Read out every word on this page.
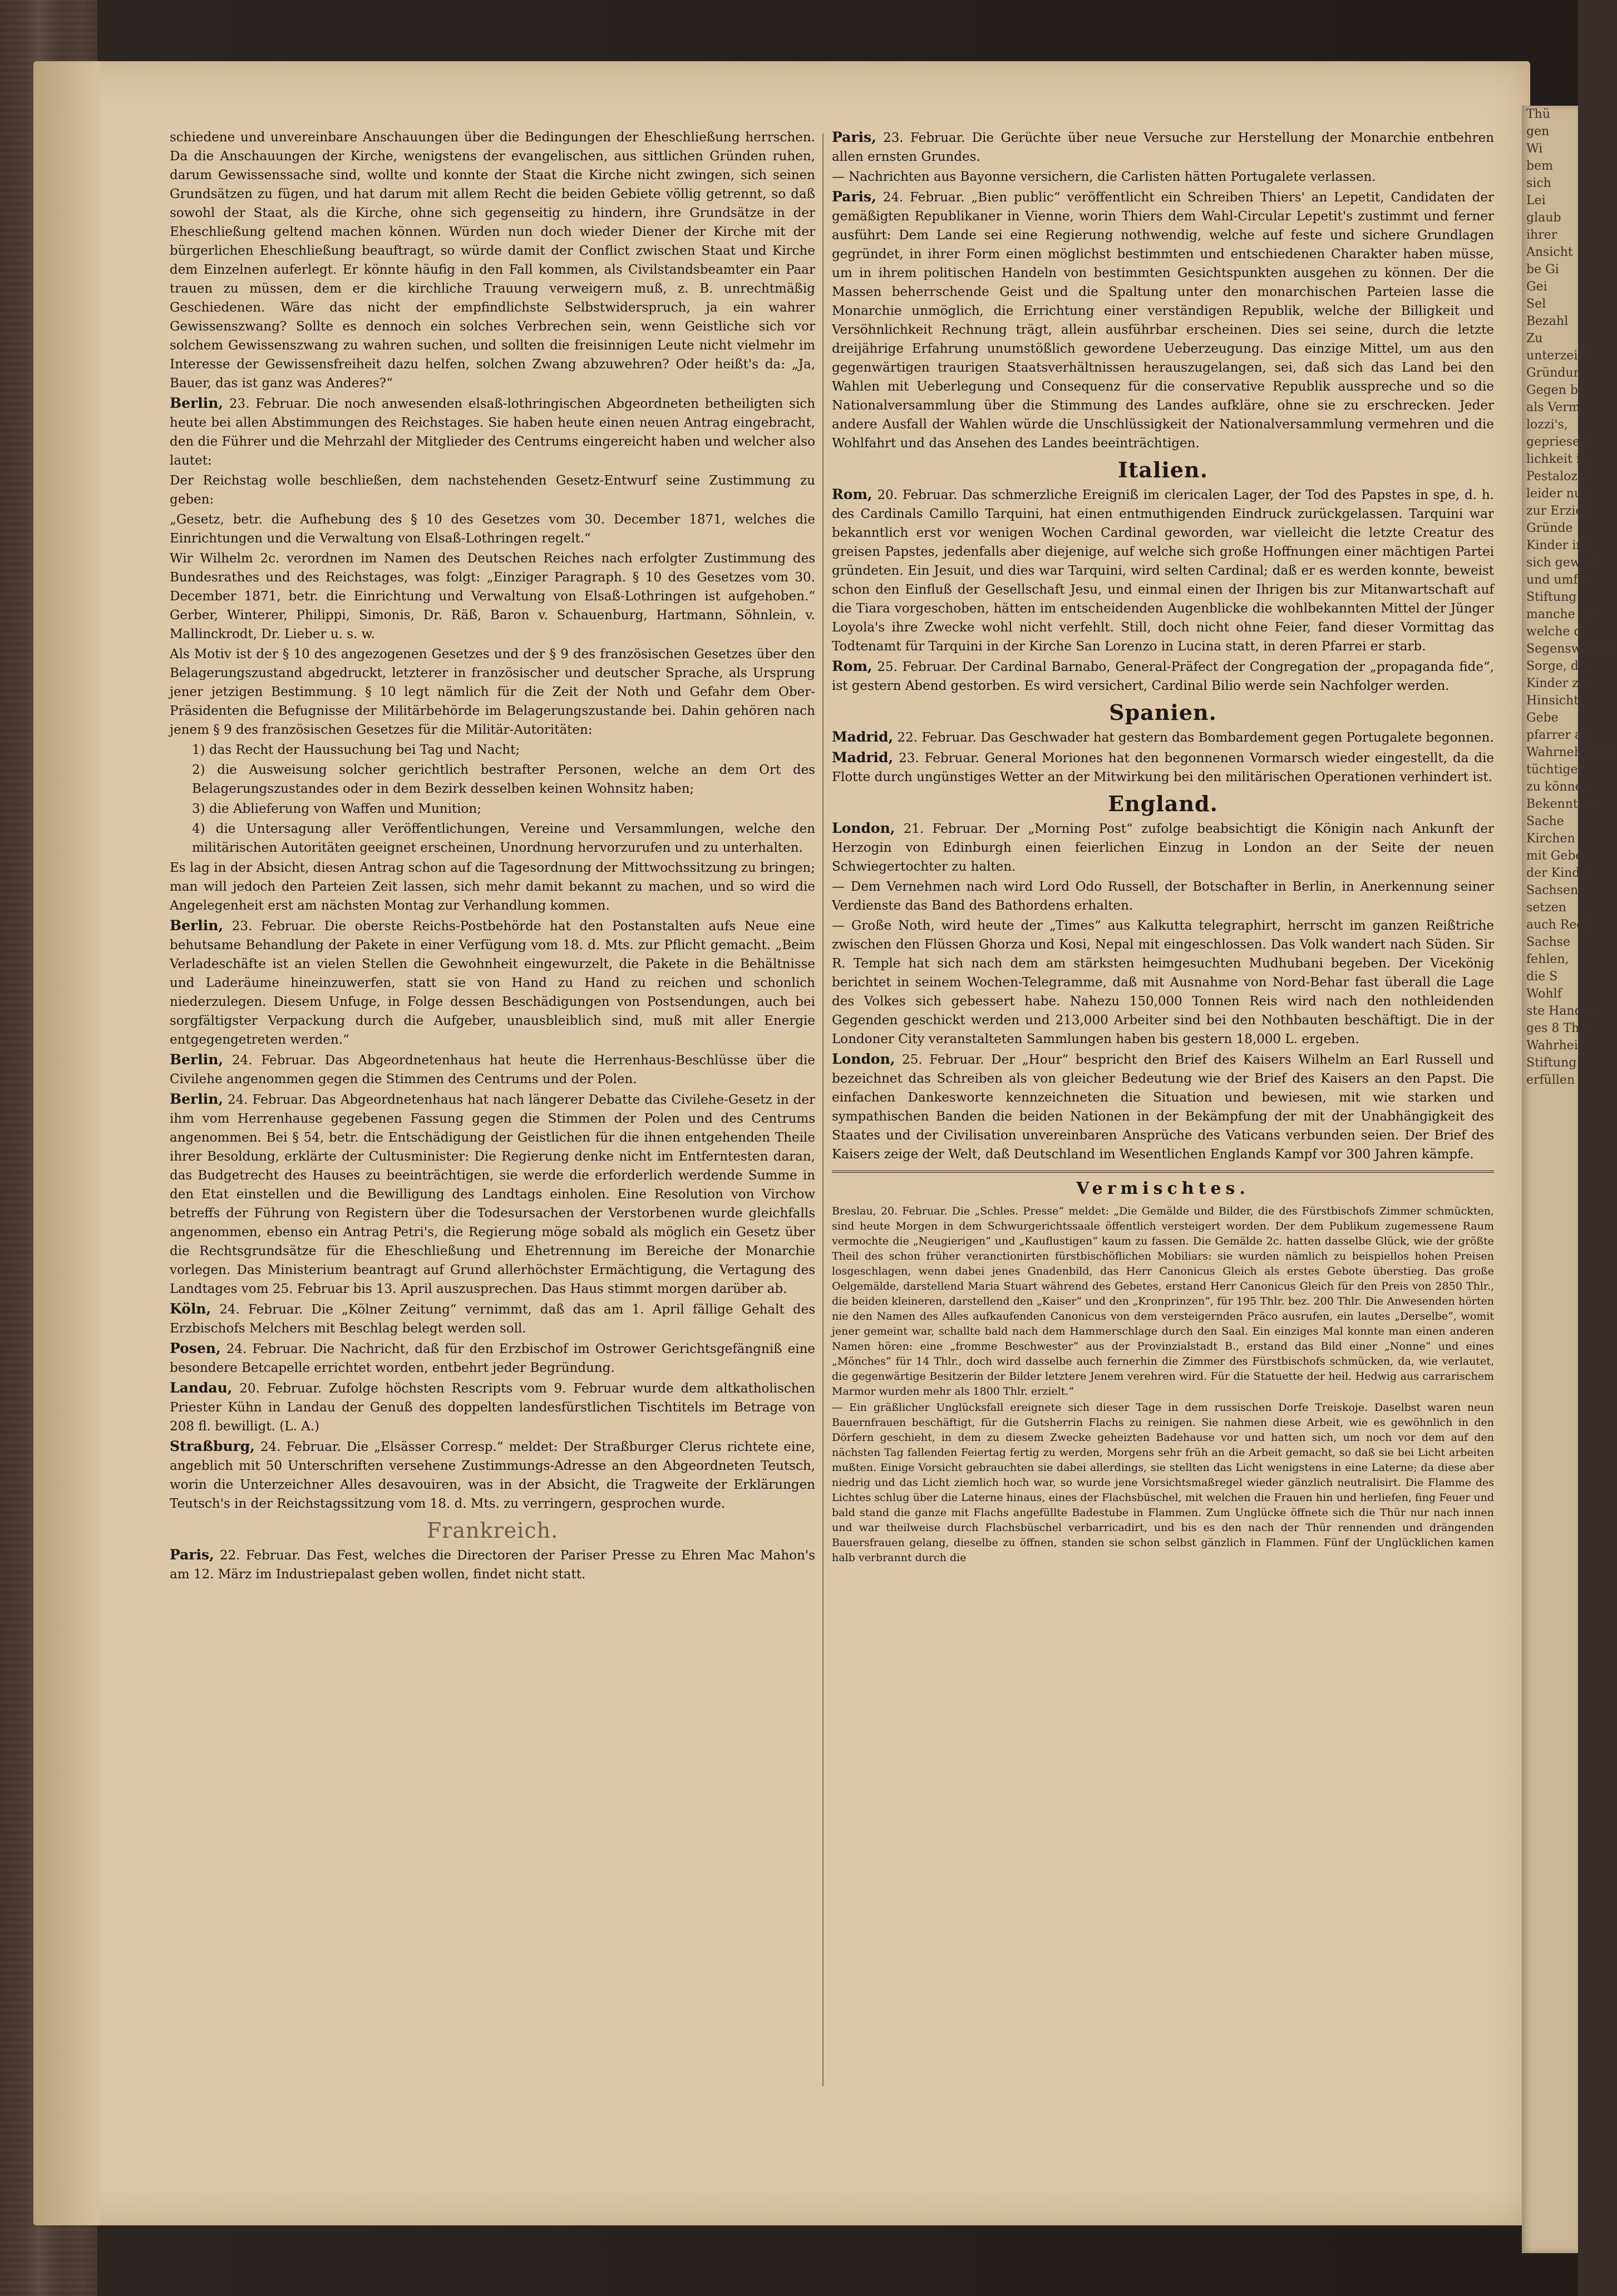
schiedene und unvereinbare Anschauungen über die Bedingungen der Eheschließung herrschen. Da die Anschauungen der Kirche, wenigstens der evangelischen, aus sittlichen Gründen ruhen, darum Gewissenssache sind, wollte und konnte der Staat die Kirche nicht zwingen, sich seinen Grundsätzen zu fügen, und hat darum mit allem Recht die beiden Gebiete völlig getrennt, so daß sowohl der Staat, als die Kirche, ohne sich gegenseitig zu hindern, ihre Grundsätze in der Eheschließung geltend machen können. Würden nun doch wieder Diener der Kirche mit der bürgerlichen Eheschließung beauftragt, so würde damit der Conflict zwischen Staat und Kirche dem Einzelnen auferlegt. Er könnte häufig in den Fall kommen, als Civilstandsbeamter ein Paar trauen zu müssen, dem er die kirchliche Trauung verweigern muß, z. B. unrechtmäßig Geschiedenen. Wäre das nicht der empfindlichste Selbstwiderspruch, ja ein wahrer Gewissenszwang? Sollte es dennoch ein solches Verbrechen sein, wenn Geistliche sich vor solchem Gewissenszwang zu wahren suchen, und sollten die freisinnigen Leute nicht vielmehr im Interesse der Gewissensfreiheit dazu helfen, solchen Zwang abzuwehren? Oder heißt's da: „Ja, Bauer, das ist ganz was Anderes?“

Berlin, 23. Februar. Die noch anwesenden elsaß-lothringischen Abgeordneten betheiligten sich heute bei allen Abstimmungen des Reichstages. Sie haben heute einen neuen Antrag eingebracht, den die Führer und die Mehrzahl der Mitglieder des Centrums eingereicht haben und welcher also lautet:

Der Reichstag wolle beschließen, dem nachstehenden Gesetz-Entwurf seine Zustimmung zu geben:

„Gesetz, betr. die Aufhebung des § 10 des Gesetzes vom 30. December 1871, welches die Einrichtungen und die Verwaltung von Elsaß-Lothringen regelt.“

Wir Wilhelm 2c. verordnen im Namen des Deutschen Reiches nach erfolgter Zustimmung des Bundesrathes und des Reichstages, was folgt: „Einziger Paragraph. § 10 des Gesetzes vom 30. December 1871, betr. die Einrichtung und Verwaltung von Elsaß-Lothringen ist aufgehoben.“ Gerber, Winterer, Philippi, Simonis, Dr. Räß, Baron v. Schauenburg, Hartmann, Söhnlein, v. Mallinckrodt, Dr. Lieber u. s. w.

Als Motiv ist der § 10 des angezogenen Gesetzes und der § 9 des französischen Gesetzes über den Belagerungszustand abgedruckt, letzterer in französischer und deutscher Sprache, als Ursprung jener jetzigen Bestimmung. § 10 legt nämlich für die Zeit der Noth und Gefahr dem Ober-Präsidenten die Befugnisse der Militärbehörde im Belagerungszustande bei. Dahin gehören nach jenem § 9 des französischen Gesetzes für die Militär-Autoritäten:

1) das Recht der Haussuchung bei Tag und Nacht;

2) die Ausweisung solcher gerichtlich bestrafter Personen, welche an dem Ort des Belagerungszustandes oder in dem Bezirk desselben keinen Wohnsitz haben;

3) die Ablieferung von Waffen und Munition;

4) die Untersagung aller Veröffentlichungen, Vereine und Versammlungen, welche den militärischen Autoritäten geeignet erscheinen, Unordnung hervorzurufen und zu unterhalten.

Es lag in der Absicht, diesen Antrag schon auf die Tagesordnung der Mittwochssitzung zu bringen; man will jedoch den Parteien Zeit lassen, sich mehr damit bekannt zu machen, und so wird die Angelegenheit erst am nächsten Montag zur Verhandlung kommen.

Berlin, 23. Februar. Die oberste Reichs-Postbehörde hat den Postanstalten aufs Neue eine behutsame Behandlung der Pakete in einer Verfügung vom 18. d. Mts. zur Pflicht gemacht. „Beim Verladeschäfte ist an vielen Stellen die Gewohnheit eingewurzelt, die Pakete in die Behältnisse und Laderäume hineinzuwerfen, statt sie von Hand zu Hand zu reichen und schonlich niederzulegen. Diesem Unfuge, in Folge dessen Beschädigungen von Postsendungen, auch bei sorgfältigster Verpackung durch die Aufgeber, unausbleiblich sind, muß mit aller Energie entgegengetreten werden.“

Berlin, 24. Februar. Das Abgeordnetenhaus hat heute die Herrenhaus-Beschlüsse über die Civilehe angenommen gegen die Stimmen des Centrums und der Polen.

Berlin, 24. Februar. Das Abgeordnetenhaus hat nach längerer Debatte das Civilehe-Gesetz in der ihm vom Herrenhause gegebenen Fassung gegen die Stimmen der Polen und des Centrums angenommen. Bei § 54, betr. die Entschädigung der Geistlichen für die ihnen entgehenden Theile ihrer Besoldung, erklärte der Cultusminister: Die Regierung denke nicht im Entferntesten daran, das Budgetrecht des Hauses zu beeinträchtigen, sie werde die erforderlich werdende Summe in den Etat einstellen und die Bewilligung des Landtags einholen. Eine Resolution von Virchow betreffs der Führung von Registern über die Todesursachen der Verstorbenen wurde gleichfalls angenommen, ebenso ein Antrag Petri's, die Regierung möge sobald als möglich ein Gesetz über die Rechtsgrundsätze für die Eheschließung und Ehetrennung im Bereiche der Monarchie vorlegen. Das Ministerium beantragt auf Grund allerhöchster Ermächtigung, die Vertagung des Landtages vom 25. Februar bis 13. April auszusprechen. Das Haus stimmt morgen darüber ab.

Köln, 24. Februar. Die „Kölner Zeitung“ vernimmt, daß das am 1. April fällige Gehalt des Erzbischofs Melchers mit Beschlag belegt werden soll.

Posen, 24. Februar. Die Nachricht, daß für den Erzbischof im Ostrower Gerichtsgefängniß eine besondere Betcapelle errichtet worden, entbehrt jeder Begründung.

Landau, 20. Februar. Zufolge höchsten Rescripts vom 9. Februar wurde dem altkatholischen Priester Kühn in Landau der Genuß des doppelten landesfürstlichen Tischtitels im Betrage von 208 fl. bewilligt. (L. A.)

Straßburg, 24. Februar. Die „Elsässer Corresp.“ meldet: Der Straßburger Clerus richtete eine, angeblich mit 50 Unterschriften versehene Zustimmungs-Adresse an den Abgeordneten Teutsch, worin die Unterzeichner Alles desavouiren, was in der Absicht, die Tragweite der Erklärungen Teutsch's in der Reichstagssitzung vom 18. d. Mts. zu verringern, gesprochen wurde.

Frankreich.

Paris, 22. Februar. Das Fest, welches die Directoren der Pariser Presse zu Ehren Mac Mahon's am 12. März im Industriepalast geben wollen, findet nicht statt.

Paris, 23. Februar. Die Gerüchte über neue Versuche zur Herstellung der Monarchie entbehren allen ernsten Grundes.

— Nachrichten aus Bayonne versichern, die Carlisten hätten Portugalete verlassen.

Paris, 24. Februar. „Bien public“ veröffentlicht ein Schreiben Thiers' an Lepetit, Candidaten der gemäßigten Republikaner in Vienne, worin Thiers dem Wahl-Circular Lepetit's zustimmt und ferner ausführt: Dem Lande sei eine Regierung nothwendig, welche auf feste und sichere Grundlagen gegründet, in ihrer Form einen möglichst bestimmten und entschiedenen Charakter haben müsse, um in ihrem politischen Handeln von bestimmten Gesichtspunkten ausgehen zu können. Der die Massen beherrschende Geist und die Spaltung unter den monarchischen Parteien lasse die Monarchie unmöglich, die Errichtung einer verständigen Republik, welche der Billigkeit und Versöhnlichkeit Rechnung trägt, allein ausführbar erscheinen. Dies sei seine, durch die letzte dreijährige Erfahrung unumstößlich gewordene Ueberzeugung. Das einzige Mittel, um aus den gegenwärtigen traurigen Staatsverhältnissen herauszugelangen, sei, daß sich das Land bei den Wahlen mit Ueberlegung und Consequenz für die conservative Republik ausspreche und so die Nationalversammlung über die Stimmung des Landes aufkläre, ohne sie zu erschrecken. Jeder andere Ausfall der Wahlen würde die Unschlüssigkeit der Nationalversammlung vermehren und die Wohlfahrt und das Ansehen des Landes beeinträchtigen.

Italien.

Rom, 20. Februar. Das schmerzliche Ereigniß im clericalen Lager, der Tod des Papstes in spe, d. h. des Cardinals Camillo Tarquini, hat einen entmuthigenden Eindruck zurückgelassen. Tarquini war bekanntlich erst vor wenigen Wochen Cardinal geworden, war vielleicht die letzte Creatur des greisen Papstes, jedenfalls aber diejenige, auf welche sich große Hoffnungen einer mächtigen Partei gründeten. Ein Jesuit, und dies war Tarquini, wird selten Cardinal; daß er es werden konnte, beweist schon den Einfluß der Gesellschaft Jesu, und einmal einen der Ihrigen bis zur Mitanwartschaft auf die Tiara vorgeschoben, hätten im entscheidenden Augenblicke die wohlbekannten Mittel der Jünger Loyola's ihre Zwecke wohl nicht verfehlt. Still, doch nicht ohne Feier, fand dieser Vormittag das Todtenamt für Tarquini in der Kirche San Lorenzo in Lucina statt, in deren Pfarrei er starb.

Rom, 25. Februar. Der Cardinal Barnabo, General-Präfect der Congregation der „propaganda fide“, ist gestern Abend gestorben. Es wird versichert, Cardinal Bilio werde sein Nachfolger werden.

Spanien.

Madrid, 22. Februar. Das Geschwader hat gestern das Bombardement gegen Portugalete begonnen.

Madrid, 23. Februar. General Moriones hat den begonnenen Vormarsch wieder eingestellt, da die Flotte durch ungünstiges Wetter an der Mitwirkung bei den militärischen Operationen verhindert ist.

England.

London, 21. Februar. Der „Morning Post“ zufolge beabsichtigt die Königin nach Ankunft der Herzogin von Edinburgh einen feierlichen Einzug in London an der Seite der neuen Schwiegertochter zu halten.

— Dem Vernehmen nach wird Lord Odo Russell, der Botschafter in Berlin, in Anerkennung seiner Verdienste das Band des Bathordens erhalten.

— Große Noth, wird heute der „Times“ aus Kalkutta telegraphirt, herrscht im ganzen Reißtriche zwischen den Flüssen Ghorza und Kosi, Nepal mit eingeschlossen. Das Volk wandert nach Süden. Sir R. Temple hat sich nach dem am stärksten heimgesuchten Mudhubani begeben. Der Vicekönig berichtet in seinem Wochen-Telegramme, daß mit Ausnahme von Nord-Behar fast überall die Lage des Volkes sich gebessert habe. Nahezu 150,000 Tonnen Reis wird nach den nothleidenden Gegenden geschickt werden und 213,000 Arbeiter sind bei den Nothbauten beschäftigt. Die in der Londoner City veranstalteten Sammlungen haben bis gestern 18,000 L. ergeben.

London, 25. Februar. Der „Hour“ bespricht den Brief des Kaisers Wilhelm an Earl Russell und bezeichnet das Schreiben als von gleicher Bedeutung wie der Brief des Kaisers an den Papst. Die einfachen Dankesworte kennzeichneten die Situation und bewiesen, mit wie starken und sympathischen Banden die beiden Nationen in der Bekämpfung der mit der Unabhängigkeit des Staates und der Civilisation unvereinbaren Ansprüche des Vaticans verbunden seien. Der Brief des Kaisers zeige der Welt, daß Deutschland im Wesentlichen Englands Kampf vor 300 Jahren kämpfe.

Vermischtes.

Breslau, 20. Februar. Die „Schles. Presse“ meldet: „Die Gemälde und Bilder, die des Fürstbischofs Zimmer schmückten, sind heute Morgen in dem Schwurgerichtssaale öffentlich versteigert worden. Der dem Publikum zugemessene Raum vermochte die „Neugierigen“ und „Kauflustigen“ kaum zu fassen. Die Gemälde 2c. hatten dasselbe Glück, wie der größte Theil des schon früher veranctionirten fürstbischöflichen Mobiliars: sie wurden nämlich zu beispiellos hohen Preisen losgeschlagen, wenn dabei jenes Gnadenbild, das Herr Canonicus Gleich als erstes Gebote überstieg. Das große Oelgemälde, darstellend Maria Stuart während des Gebetes, erstand Herr Canonicus Gleich für den Preis von 2850 Thlr., die beiden kleineren, darstellend den „Kaiser“ und den „Kronprinzen“, für 195 Thlr. bez. 200 Thlr. Die Anwesenden hörten nie den Namen des Alles aufkaufenden Canonicus von dem versteigernden Präco ausrufen, ein lautes „Derselbe“, womit jener gemeint war, schallte bald nach dem Hammerschlage durch den Saal. Ein einziges Mal konnte man einen anderen Namen hören: eine „fromme Beschwester“ aus der Provinzialstadt B., erstand das Bild einer „Nonne“ und eines „Mönches“ für 14 Thlr., doch wird dasselbe auch fernerhin die Zimmer des Fürstbischofs schmücken, da, wie verlautet, die gegenwärtige Besitzerin der Bilder letztere Jenem verehren wird. Für die Statuette der heil. Hedwig aus carrarischem Marmor wurden mehr als 1800 Thlr. erzielt.“

— Ein gräßlicher Unglücksfall ereignete sich dieser Tage in dem russischen Dorfe Treiskoje. Daselbst waren neun Bauernfrauen beschäftigt, für die Gutsherrin Flachs zu reinigen. Sie nahmen diese Arbeit, wie es gewöhnlich in den Dörfern geschieht, in dem zu diesem Zwecke geheizten Badehause vor und hatten sich, um noch vor dem auf den nächsten Tag fallenden Feiertag fertig zu werden, Morgens sehr früh an die Arbeit gemacht, so daß sie bei Licht arbeiten mußten. Einige Vorsicht gebrauchten sie dabei allerdings, sie stellten das Licht wenigstens in eine Laterne; da diese aber niedrig und das Licht ziemlich hoch war, so wurde jene Vorsichtsmaßregel wieder gänzlich neutralisirt. Die Flamme des Lichtes schlug über die Laterne hinaus, eines der Flachsbüschel, mit welchen die Frauen hin und herliefen, fing Feuer und bald stand die ganze mit Flachs angefüllte Badestube in Flammen. Zum Unglücke öffnete sich die Thür nur nach innen und war theilweise durch Flachsbüschel verbarricadirt, und bis es den nach der Thür rennenden und drängenden Bauersfrauen gelang, dieselbe zu öffnen, standen sie schon selbst gänzlich in Flammen. Fünf der Unglücklichen kamen halb verbrannt durch die

Thü
gen
Wi
bem
sich
Lei
glaub
ihrer
Ansicht
be Gi
Gei
Sel
Bezahl
Zu
unterzeich
Gründun
Gegen be
als Verm
lozzi's,
gepriesen
lichkeit in
Pestalozzi
leider nur
zur Erzieh
Gründe
Kinder im
sich geword
und umfas
Stiftung
manche Ha
welche d
Segenswirkun
Sorge, die
Kinder zu
Hinsicht
Gebe
pfarrer als
Wahrnehmung
tüchtigen
zu können.
Bekenntnis
Sache
Kirchen
mit Gebe
der Kinder
Sachsen
setzen
auch Rech
Sachse
fehlen,
die S
Wohlf
ste Hand ni
ges 8 The
Wahrheit
Stiftung
erfüllen
